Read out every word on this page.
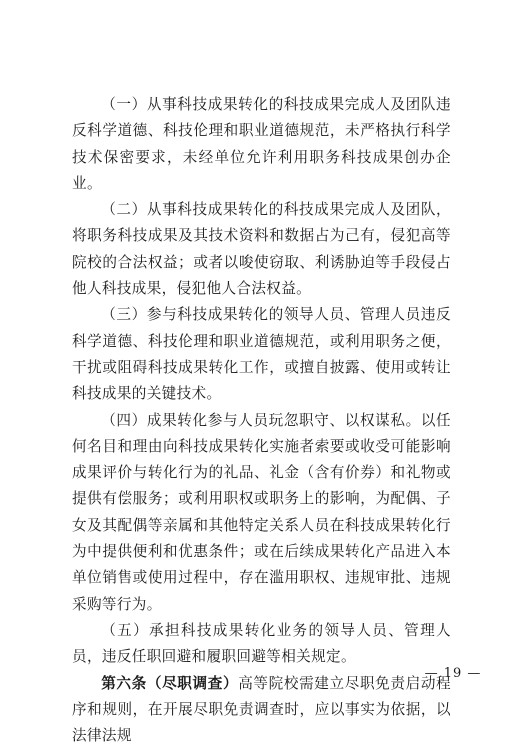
（一）从事科技成果转化的科技成果完成人及团队违反科学道德、科技伦理和职业道德规范，未严格执行科学技术保密要求，未经单位允许利用职务科技成果创办企业。

（二）从事科技成果转化的科技成果完成人及团队，将职务科技成果及其技术资料和数据占为己有，侵犯高等院校的合法权益；或者以唆使窃取、利诱胁迫等手段侵占他人科技成果，侵犯他人合法权益。

（三）参与科技成果转化的领导人员、管理人员违反科学道德、科技伦理和职业道德规范，或利用职务之便，干扰或阻碍科技成果转化工作，或擅自披露、使用或转让科技成果的关键技术。

（四）成果转化参与人员玩忽职守、以权谋私。以任何名目和理由向科技成果转化实施者索要或收受可能影响成果评价与转化行为的礼品、礼金（含有价券）和礼物或提供有偿服务；或利用职权或职务上的影响，为配偶、子女及其配偶等亲属和其他特定关系人员在科技成果转化行为中提供便利和优惠条件；或在后续成果转化产品进入本单位销售或使用过程中，存在滥用职权、违规审批、违规采购等行为。

（五）承担科技成果转化业务的领导人员、管理人员，违反任职回避和履职回避等相关规定。

第六条（尽职调查）高等院校需建立尽职免责启动程序和规则，在开展尽职免责调查时，应以事实为依据，以法律法规

— 19 —
